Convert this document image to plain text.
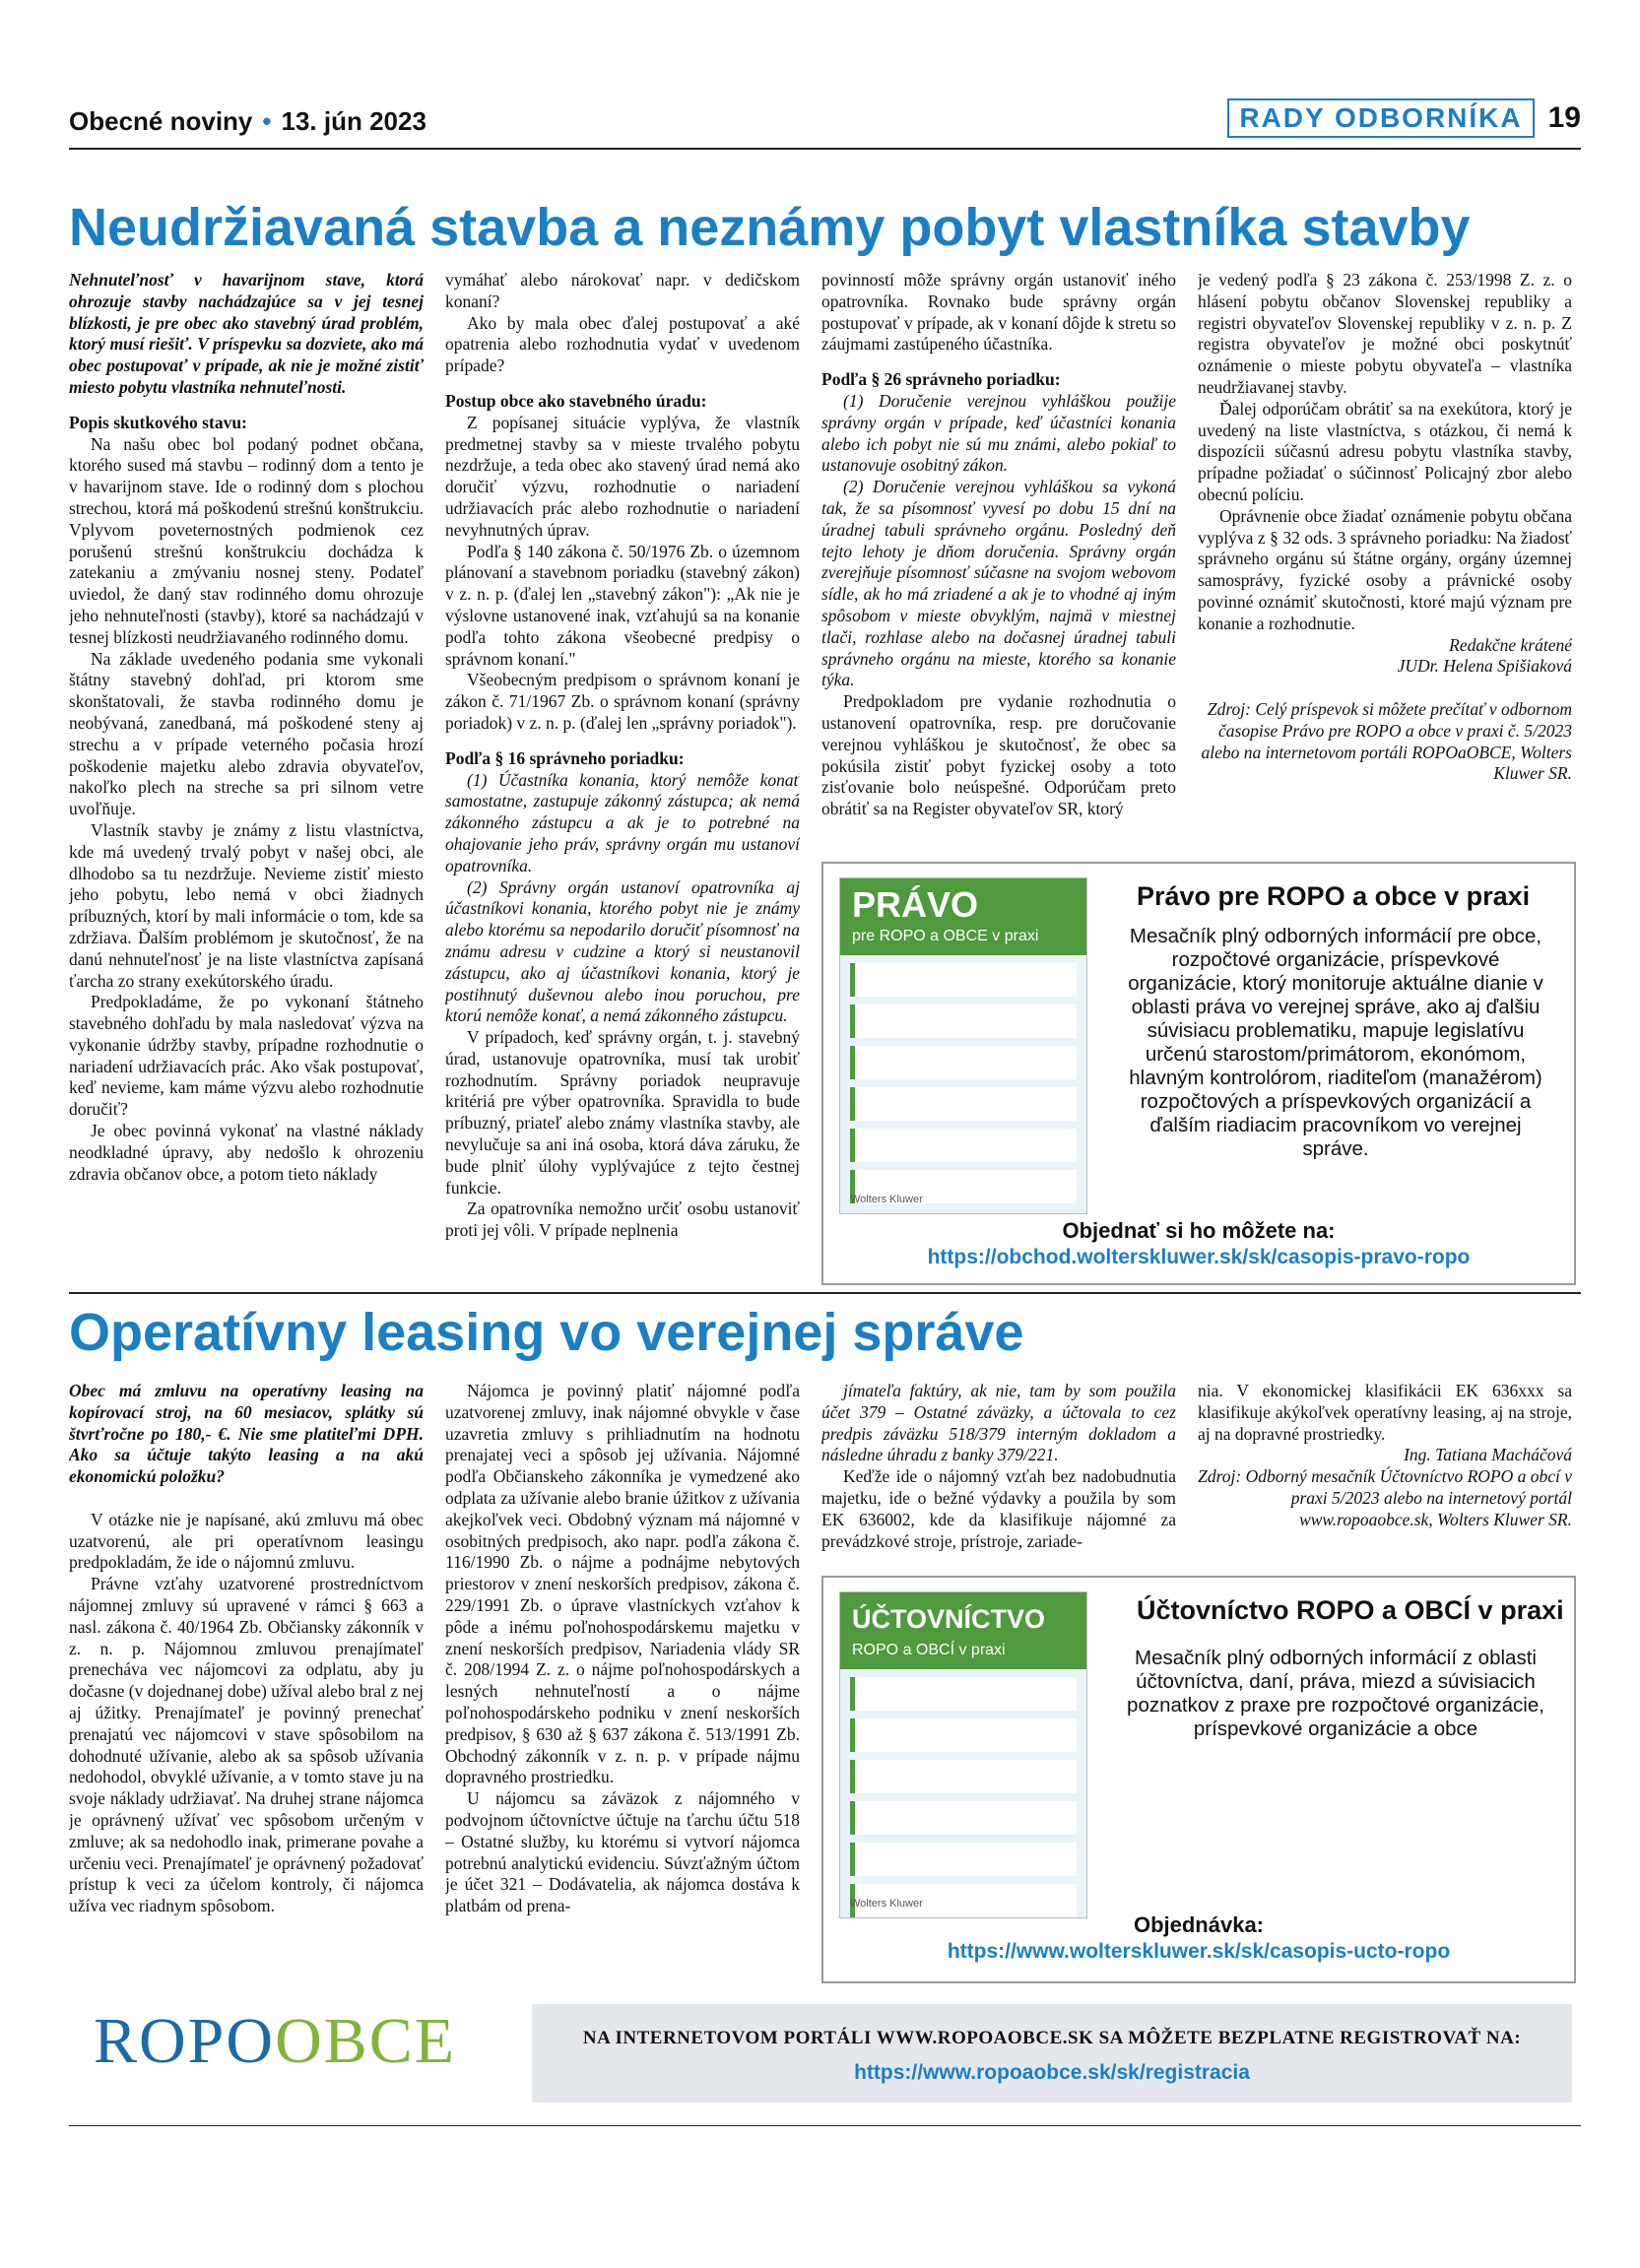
Obecné noviny • 13. jún 2023	RADY ODBORNÍKA 19
Neudržiavaná stavba a neznámy pobyt vlastníka stavby

Nehnuteľnosť v havarijnom stave, ktorá ohrozuje stavby nachádzajúce sa v jej tesnej blízkosti, je pre obec ako stavebný úrad problém, ktorý musí riešiť. V príspevku sa dozviete, ako má obec postupovať v prípade, ak nie je možné zistiť miesto pobytu vlastníka nehnuteľnosti.

Popis skutkového stavu:

Na našu obec bol podaný podnet občana, ktorého sused má stavbu – rodinný dom a tento je v havarijnom stave. Ide o rodinný dom s plochou strechou, ktorá má poškodenú strešnú konštrukciu. Vplyvom poveternostných podmienok cez porušenú strešnú konštrukciu dochádza k zatekaniu a zmývaniu nosnej steny. Podateľ uviedol, že daný stav rodinného domu ohrozuje jeho nehnuteľnosti (stavby), ktoré sa nachádzajú v tesnej blízkosti neudržiavaného rodinného domu.

Na základe uvedeného podania sme vykonali štátny stavebný dohľad, pri ktorom sme skonštatovali, že stavba rodinného domu je neobývaná, zanedbaná, má poškodené steny aj strechu a v prípade veterného počasia hrozí poškodenie majetku alebo zdravia obyvateľov, nakoľko plech na streche sa pri silnom vetre uvoľňuje.

Vlastník stavby je známy z listu vlastníctva, kde má uvedený trvalý pobyt v našej obci, ale dlhodobo sa tu nezdržuje. Nevieme zistiť miesto jeho pobytu, lebo nemá v obci žiadnych príbuzných, ktorí by mali informácie o tom, kde sa zdržiava. Ďalším problémom je skutočnosť, že na danú nehnuteľnosť je na liste vlastníctva zapísaná ťarcha zo strany exekútorského úradu.

Predpokladáme, že po vykonaní štátneho stavebného dohľadu by mala nasledovať výzva na vykonanie údržby stavby, prípadne rozhodnutie o nariadení udržiavacích prác. Ako však postupovať, keď nevieme, kam máme výzvu alebo rozhodnutie doručiť?

Je obec povinná vykonať na vlastné náklady neodkladné úpravy, aby nedošlo k ohrozeniu zdravia občanov obce, a potom tieto náklady

vymáhať alebo nárokovať napr. v dedičskom konaní?

Ako by mala obec ďalej postupovať a aké opatrenia alebo rozhodnutia vydať v uvedenom prípade?

Postup obce ako stavebného úradu:

Z popísanej situácie vyplýva, že vlastník predmetnej stavby sa v mieste trvalého pobytu nezdržuje, a teda obec ako stavený úrad nemá ako doručiť výzvu, rozhodnutie o nariadení udržiavacích prác alebo rozhodnutie o nariadení nevyhnutných úprav.

Podľa § 140 zákona č. 50/1976 Zb. o územnom plánovaní a stavebnom poriadku (stavebný zákon) v z. n. p. (ďalej len „stavebný zákon"): „Ak nie je výslovne ustanovené inak, vzťahujú sa na konanie podľa tohto zákona všeobecné predpisy o správnom konaní."

Všeobecným predpisom o správnom konaní je zákon č. 71/1967 Zb. o správnom konaní (správny poriadok) v z. n. p. (ďalej len „správny poriadok").

Podľa § 16 správneho poriadku:

(1) Účastníka konania, ktorý nemôže konať samostatne, zastupuje zákonný zástupca; ak nemá zákonného zástupcu a ak je to potrebné na ohajovanie jeho práv, správny orgán mu ustanoví opatrovníka.

(2) Správny orgán ustanoví opatrovníka aj účastníkovi konania, ktorého pobyt nie je známy alebo ktorému sa nepodarilo doručiť písomnosť na známu adresu v cudzine a ktorý si neustanovil zástupcu, ako aj účastníkovi konania, ktorý je postihnutý duševnou alebo inou poruchou, pre ktorú nemôže konať, a nemá zákonného zástupcu.

V prípadoch, keď správny orgán, t. j. stavebný úrad, ustanovuje opatrovníka, musí tak urobiť rozhodnutím. Správny poriadok neupravuje kritériá pre výber opatrovníka. Spravidla to bude príbuzný, priateľ alebo známy vlastníka stavby, ale nevylučuje sa ani iná osoba, ktorá dáva záruku, že bude plniť úlohy vyplývajúce z tejto čestnej funkcie.

Za opatrovníka nemožno určiť osobu ustanoviť proti jej vôli. V prípade neplnenia

povinností môže správny orgán ustanoviť iného opatrovníka. Rovnako bude správny orgán postupovať v prípade, ak v konaní dôjde k stretu so záujmami zastúpeného účastníka.

Podľa § 26 správneho poriadku:

(1) Doručenie verejnou vyhláškou použije správny orgán v prípade, keď účastníci konania alebo ich pobyt nie sú mu známi, alebo pokiaľ to ustanovuje osobitný zákon.

(2) Doručenie verejnou vyhláškou sa vykoná tak, že sa písomnosť vyvesí po dobu 15 dní na úradnej tabuli správneho orgánu. Posledný deň tejto lehoty je dňom doručenia. Správny orgán zverejňuje písomnosť súčasne na svojom webovom sídle, ak ho má zriadené a ak je to vhodné aj iným spôsobom v mieste obvyklým, najmä v miestnej tlači, rozhlase alebo na dočasnej úradnej tabuli správneho orgánu na mieste, ktorého sa konanie týka.

Predpokladom pre vydanie rozhodnutia o ustanovení opatrovníka, resp. pre doručovanie verejnou vyhláškou je skutočnosť, že obec sa pokúsila zistiť pobyt fyzickej osoby a toto zisťovanie bolo neúspešné. Odporúčam preto obrátiť sa na Register obyvateľov SR, ktorý

je vedený podľa § 23 zákona č. 253/1998 Z. z. o hlásení pobytu občanov Slovenskej republiky a registri obyvateľov Slovenskej republiky v z. n. p. Z registra obyvateľov je možné obci poskytnúť oznámenie o mieste pobytu obyvateľa – vlastníka neudržiavanej stavby.

Ďalej odporúčam obrátiť sa na exekútora, ktorý je uvedený na liste vlastníctva, s otázkou, či nemá k dispozícii súčasnú adresu pobytu vlastníka stavby, prípadne požiadať o súčinnosť Policajný zbor alebo obecnú políciu.

Oprávnenie obce žiadať oznámenie pobytu občana vyplýva z § 32 ods. 3 správneho poriadku: Na žiadosť správneho orgánu sú štátne orgány, orgány územnej samosprávy, fyzické osoby a právnické osoby povinné oznámiť skutočnosti, ktoré majú význam pre konanie a rozhodnutie.

Redakčne krátené

JUDr. Helena Spišiaková

Zdroj: Celý príspevok si môžete prečítať v odbornom časopise Právo pre ROPO a obce v praxi č. 5/2023 alebo na internetovom portáli ROPOaOBCE, Wolters Kluwer SR.

PRÁVO
pre ROPO a OBCE v praxi
Wolters Kluwer
Právo pre ROPO a obce v praxi
Mesačník plný odborných informácií pre obce, rozpočtové organizácie, príspevkové organizácie, ktorý monitoruje aktuálne dianie v oblasti práva vo verejnej správe, ako aj ďalšiu súvisiacu problematiku, mapuje legislatívu určenú starostom/primátorom, ekonómom, hlavným kontrolórom, riaditeľom (manažérom) rozpočtových a príspevkových organizácií a ďalším riadiacim pracovníkom vo verejnej správe.
Objednať si ho môžete na:
https://obchod.wolterskluwer.sk/sk/casopis-pravo-ropo
Operatívny leasing vo verejnej správe

Obec má zmluvu na operatívny leasing na kopírovací stroj, na 60 mesiacov, splátky sú štvrťročne po 180,- €. Nie sme platiteľmi DPH. Ako sa účtuje takýto leasing a na akú ekonomickú položku?

V otázke nie je napísané, akú zmluvu má obec uzatvorenú, ale pri operatívnom leasingu predpokladám, že ide o nájomnú zmluvu.

Právne vzťahy uzatvorené prostredníctvom nájomnej zmluvy sú upravené v rámci § 663 a nasl. zákona č. 40/1964 Zb. Občiansky zákonník v z. n. p. Nájomnou zmluvou prenajímateľ prenecháva vec nájomcovi za odplatu, aby ju dočasne (v dojednanej dobe) užíval alebo bral z nej aj úžitky. Prenajímateľ je povinný prenechať prenajatú vec nájomcovi v stave spôsobilom na dohodnuté užívanie, alebo ak sa spôsob užívania nedohodol, obvyklé užívanie, a v tomto stave ju na svoje náklady udržiavať. Na druhej strane nájomca je oprávnený užívať vec spôsobom určeným v zmluve; ak sa nedohodlo inak, primerane povahe a určeniu veci. Prenajímateľ je oprávnený požadovať prístup k veci za účelom kontroly, či nájomca užíva vec riadnym spôsobom.

Nájomca je povinný platiť nájomné podľa uzatvorenej zmluvy, inak nájomné obvykle v čase uzavretia zmluvy s prihliadnutím na hodnotu prenajatej veci a spôsob jej užívania. Nájomné podľa Občianskeho zákonníka je vymedzené ako odplata za užívanie alebo branie úžitkov z užívania akejkoľvek veci. Obdobný význam má nájomné v osobitných predpisoch, ako napr. podľa zákona č. 116/1990 Zb. o nájme a podnájme nebytových priestorov v znení neskorších predpisov, zákona č. 229/1991 Zb. o úprave vlastníckych vzťahov k pôde a inému poľnohospodárskemu majetku v znení neskorších predpisov, Nariadenia vlády SR č. 208/1994 Z. z. o nájme poľnohospodárskych a lesných nehnuteľností a o nájme poľnohospodárskeho podniku v znení neskorších predpisov, § 630 až § 637 zákona č. 513/1991 Zb. Obchodný zákonník v z. n. p. v prípade nájmu dopravného prostriedku.

U nájomcu sa záväzok z nájomného v podvojnom účtovníctve účtuje na ťarchu účtu 518 – Ostatné služby, ku ktorému si vytvorí nájomca potrebnú analytickú evidenciu. Súvzťažným účtom je účet 321 – Dodávatelia, ak nájomca dostáva k platbám od prena-

jímateľa faktúry, ak nie, tam by som použila účet 379 – Ostatné záväzky, a účtovala to cez predpis záväzku 518/379 interným dokladom a následne úhradu z banky 379/221.

Keďže ide o nájomný vzťah bez nadobudnutia majetku, ide o bežné výdavky a použila by som EK 636002, kde da klasifikuje nájomné za prevádzkové stroje, prístroje, zariade-

nia. V ekonomickej klasifikácii EK 636xxx sa klasifikuje akýkoľvek operatívny leasing, aj na stroje, aj na dopravné prostriedky.

Ing. Tatiana Macháčová

Zdroj: Odborný mesačník Účtovníctvo ROPO a obcí v praxi 5/2023 alebo na internetový portál www.ropoaobce.sk, Wolters Kluwer SR.

ÚČTOVNÍCTVO
ROPO a OBCÍ v praxi
Wolters Kluwer
Účtovníctvo ROPO a OBCÍ v praxi
Mesačník plný odborných informácií z oblasti účtovníctva, daní, práva, miezd a súvisiacich poznatkov z praxe pre rozpočtové organizácie, príspevkové organizácie a obce
Objednávka:
https://www.wolterskluwer.sk/sk/casopis-ucto-ropo
ROPOOBCE	NA INTERNETOVOM PORTÁLI WWW.ROPOAOBCE.SK SA MÔŽETE BEZPLATNE REGISTROVAŤ NA:
https://www.ropoaobce.sk/sk/registracia
